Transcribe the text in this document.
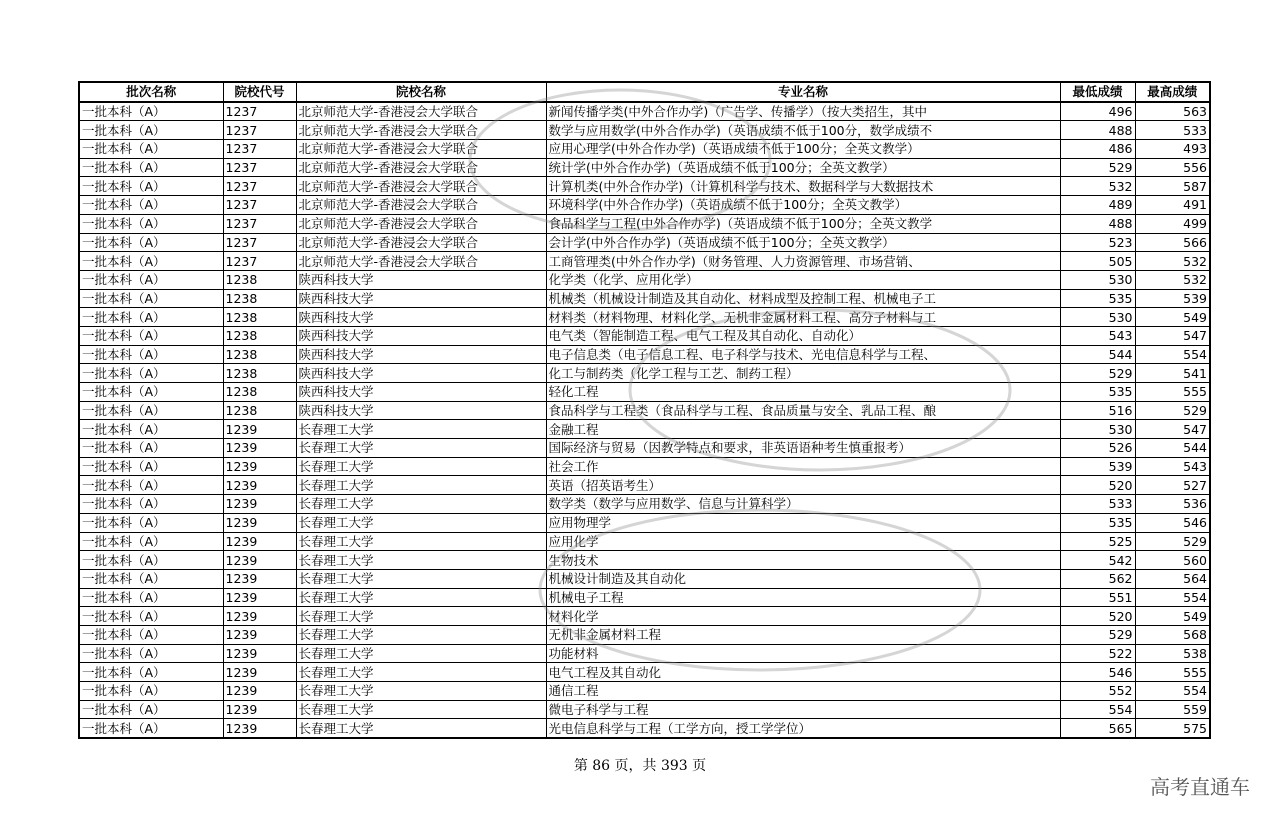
批次名称	院校代号	院校名称	专业名称	最低成绩	最高成绩
一批本科（A）	1237	北京师范大学-香港浸会大学联合	新闻传播学类(中外合作办学)（广告学、传播学）（按大类招生，其中	496	563
一批本科（A）	1237	北京师范大学-香港浸会大学联合	数学与应用数学(中外合作办学)（英语成绩不低于100分，数学成绩不	488	533
一批本科（A）	1237	北京师范大学-香港浸会大学联合	应用心理学(中外合作办学)（英语成绩不低于100分；全英文教学）	486	493
一批本科（A）	1237	北京师范大学-香港浸会大学联合	统计学(中外合作办学)（英语成绩不低于100分；全英文教学）	529	556
一批本科（A）	1237	北京师范大学-香港浸会大学联合	计算机类(中外合作办学)（计算机科学与技术、数据科学与大数据技术	532	587
一批本科（A）	1237	北京师范大学-香港浸会大学联合	环境科学(中外合作办学)（英语成绩不低于100分；全英文教学）	489	491
一批本科（A）	1237	北京师范大学-香港浸会大学联合	食品科学与工程(中外合作办学)（英语成绩不低于100分；全英文教学	488	499
一批本科（A）	1237	北京师范大学-香港浸会大学联合	会计学(中外合作办学)（英语成绩不低于100分；全英文教学）	523	566
一批本科（A）	1237	北京师范大学-香港浸会大学联合	工商管理类(中外合作办学)（财务管理、人力资源管理、市场营销、	505	532
一批本科（A）	1238	陕西科技大学	化学类（化学、应用化学）	530	532
一批本科（A）	1238	陕西科技大学	机械类（机械设计制造及其自动化、材料成型及控制工程、机械电子工	535	539
一批本科（A）	1238	陕西科技大学	材料类（材料物理、材料化学、无机非金属材料工程、高分子材料与工	530	549
一批本科（A）	1238	陕西科技大学	电气类（智能制造工程、电气工程及其自动化、自动化）	543	547
一批本科（A）	1238	陕西科技大学	电子信息类（电子信息工程、电子科学与技术、光电信息科学与工程、	544	554
一批本科（A）	1238	陕西科技大学	化工与制药类（化学工程与工艺、制药工程）	529	541
一批本科（A）	1238	陕西科技大学	轻化工程	535	555
一批本科（A）	1238	陕西科技大学	食品科学与工程类（食品科学与工程、食品质量与安全、乳品工程、酿	516	529
一批本科（A）	1239	长春理工大学	金融工程	530	547
一批本科（A）	1239	长春理工大学	国际经济与贸易（因教学特点和要求，非英语语种考生慎重报考）	526	544
一批本科（A）	1239	长春理工大学	社会工作	539	543
一批本科（A）	1239	长春理工大学	英语（招英语考生）	520	527
一批本科（A）	1239	长春理工大学	数学类（数学与应用数学、信息与计算科学）	533	536
一批本科（A）	1239	长春理工大学	应用物理学	535	546
一批本科（A）	1239	长春理工大学	应用化学	525	529
一批本科（A）	1239	长春理工大学	生物技术	542	560
一批本科（A）	1239	长春理工大学	机械设计制造及其自动化	562	564
一批本科（A）	1239	长春理工大学	机械电子工程	551	554
一批本科（A）	1239	长春理工大学	材料化学	520	549
一批本科（A）	1239	长春理工大学	无机非金属材料工程	529	568
一批本科（A）	1239	长春理工大学	功能材料	522	538
一批本科（A）	1239	长春理工大学	电气工程及其自动化	546	555
一批本科（A）	1239	长春理工大学	通信工程	552	554
一批本科（A）	1239	长春理工大学	微电子科学与工程	554	559
一批本科（A）	1239	长春理工大学	光电信息科学与工程（工学方向，授工学学位）	565	575
第 86 页，共 393 页
高考直通车
